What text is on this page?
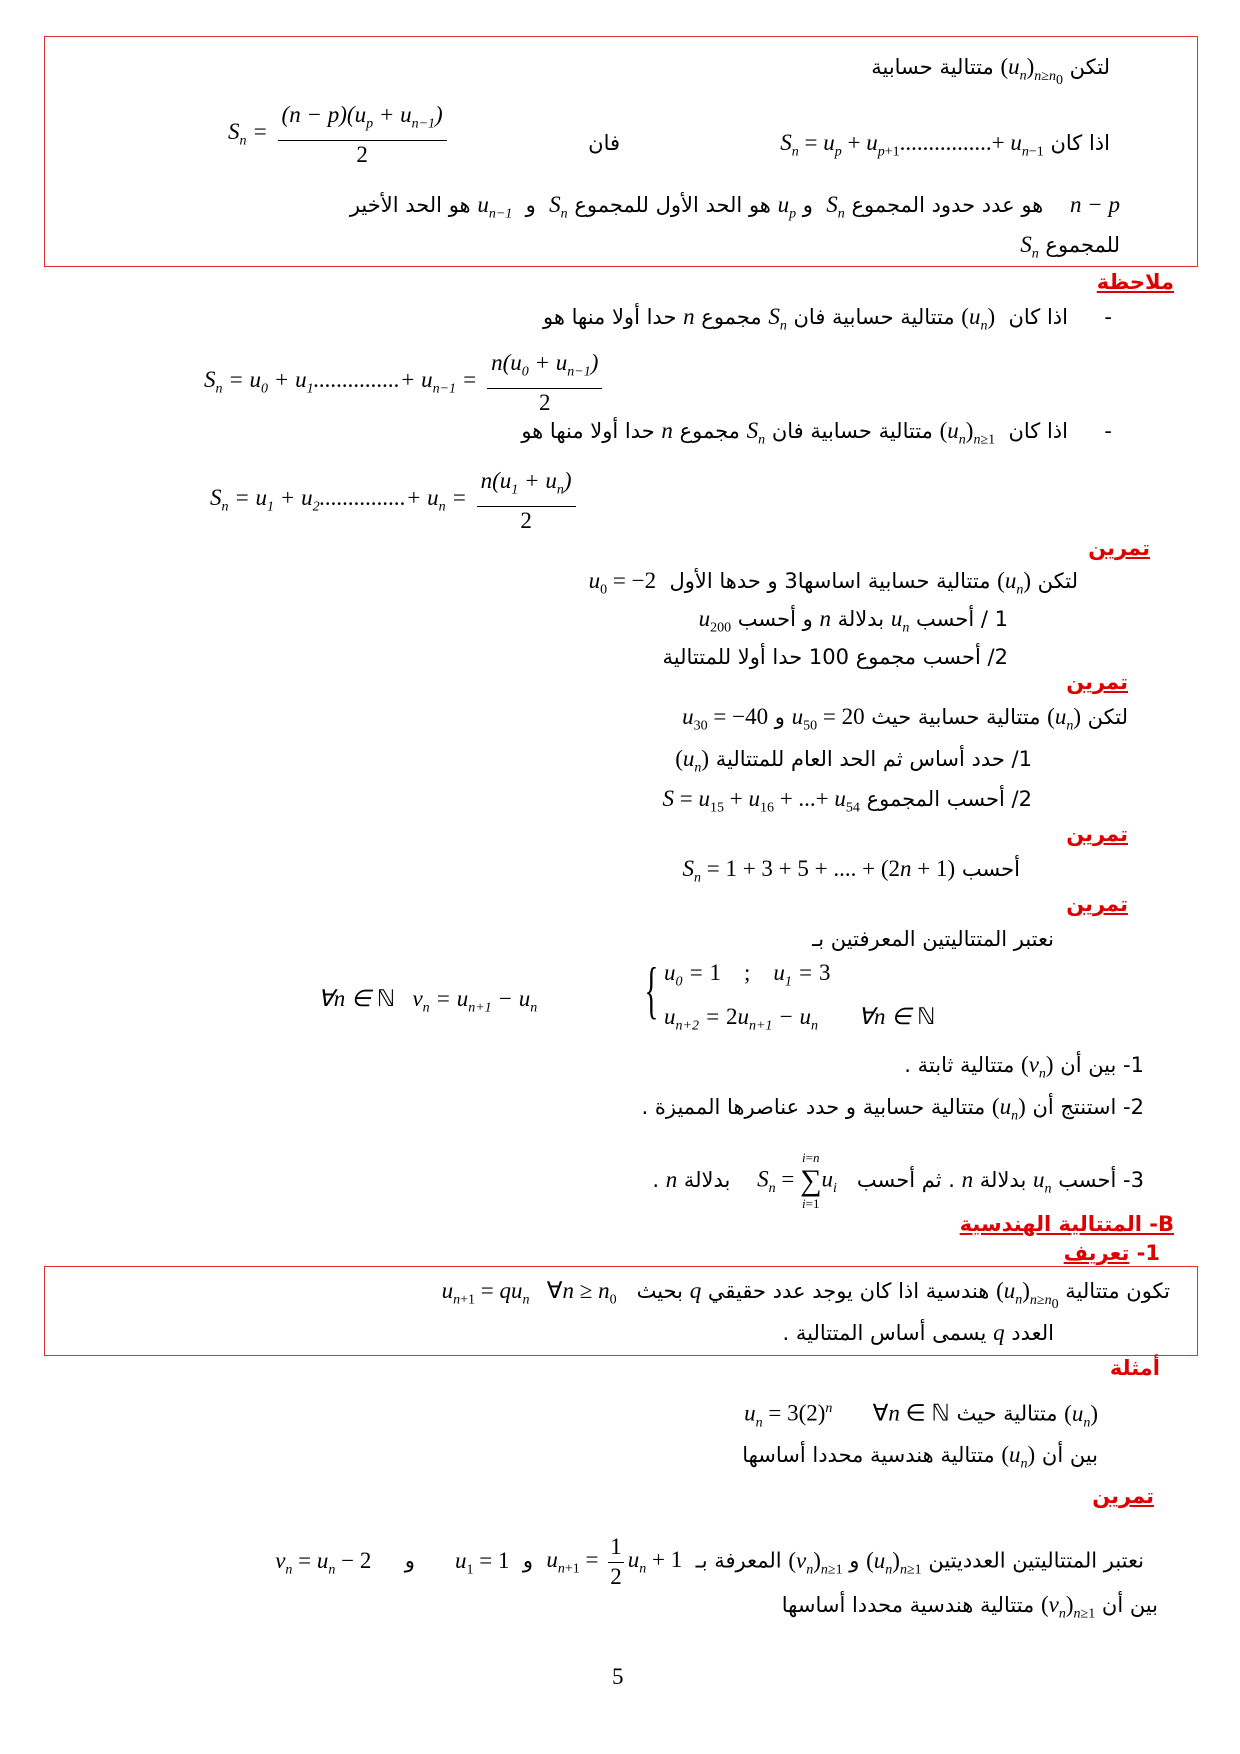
لتكن $(u_n)_{n\ge n_0}$ متتالية حسابية
اذا كان $S_n = u_p + u_{p+1}................+ u_{n-1}$
فان
$S_n = \frac{(n - p)(u_p + u_{n-1})}{2}$
n − p    هو عدد حدود المجموع $S_n$  و $u_p$ هو الحد الأول للمجموع $S_n$  و  $u_{n-1}$ هو الحد الأخير
للمجموع $S_n$
ملاحظة
اذا كان  $(u_n)$ متتالية حسابية فان $S_n$ مجموع n حدا أولا منها هو	-
$S_n = u_0 + u_1...............+ u_{n-1} = \frac{n(u_0 + u_{n-1})}{2}$
اذا كان  $(u_n)_{n\ge 1}$ متتالية حسابية فان $S_n$ مجموع n حدا أولا منها هو	-
$S_n = u_1 + u_2...............+ u_n = \frac{n(u_1 + u_n)}{2}$
تمرين
لتكن $(u_n)$ متتالية حسابية اساسها3 و حدها الأول  $u_0 = -2$
1 / أحسب $u_n$ بدلالة n و أحسب $u_{200}$
2/ أحسب مجموع 100 حدا أولا للمتتالية
تمرين
لتكن $(u_n)$ متتالية حسابية حيث $u_{50} = 20$ و $u_{30} = -40$
1/ حدد أساس ثم الحد العام للمتتالية $(u_n)$
2/ أحسب المجموع $S = u_{15} + u_{16}$ + ...+ $u_{54}$
تمرين
أحسب $S_n = 1 + 3 + 5$ + .... + (2n + 1)
تمرين
نعتبر المتتاليتين المعرفتين بـ
{ $u_0 = 1$ ; $u_1 = 3$
$u_{n+2} = 2u_{n+1} - u_n$       ∀n ∈ ℕ
∀n ∈ ℕ $v_n = u_{n+1} - u_n$
1- بين أن $(v_n)$ متتالية ثابتة .
2- استنتج أن $(u_n)$ متتالية حسابية و حدد عناصرها المميزة .
3- أحسب $u_n$ بدلالة n . ثم أحسب   $S_n$ =
i=n
∑
i=1
$u_i$    بدلالة n .
B- المتتالية الهندسية
1- تعريف
تكون متتالية $(u_n)_{n\ge n_0}$ هندسية اذا كان يوجد عدد حقيقي q بحيث   $u_{n+1} = qu_n$   ∀n ≥ $n_0$
العدد q يسمى أساس المتتالية .
أمثلة
$(u_n)$ متتالية حيث $u_n = 3(2)^n$       ∀n ∈ ℕ
بين أن $(u_n)$ متتالية هندسية محددا أساسها
تمرين
نعتبر المتتاليتين العدديتين $(u_n)_{n\ge 1}$ و $(v_n)_{n\ge 1}$ المعرفة بـ  $u_{n+1} = \frac{1}{2} u_n + 1$  و  $u_1 = 1$      و     $v_n = u_n - 2$
بين أن $(v_n)_{n\ge 1}$ متتالية هندسية محددا أساسها
5
